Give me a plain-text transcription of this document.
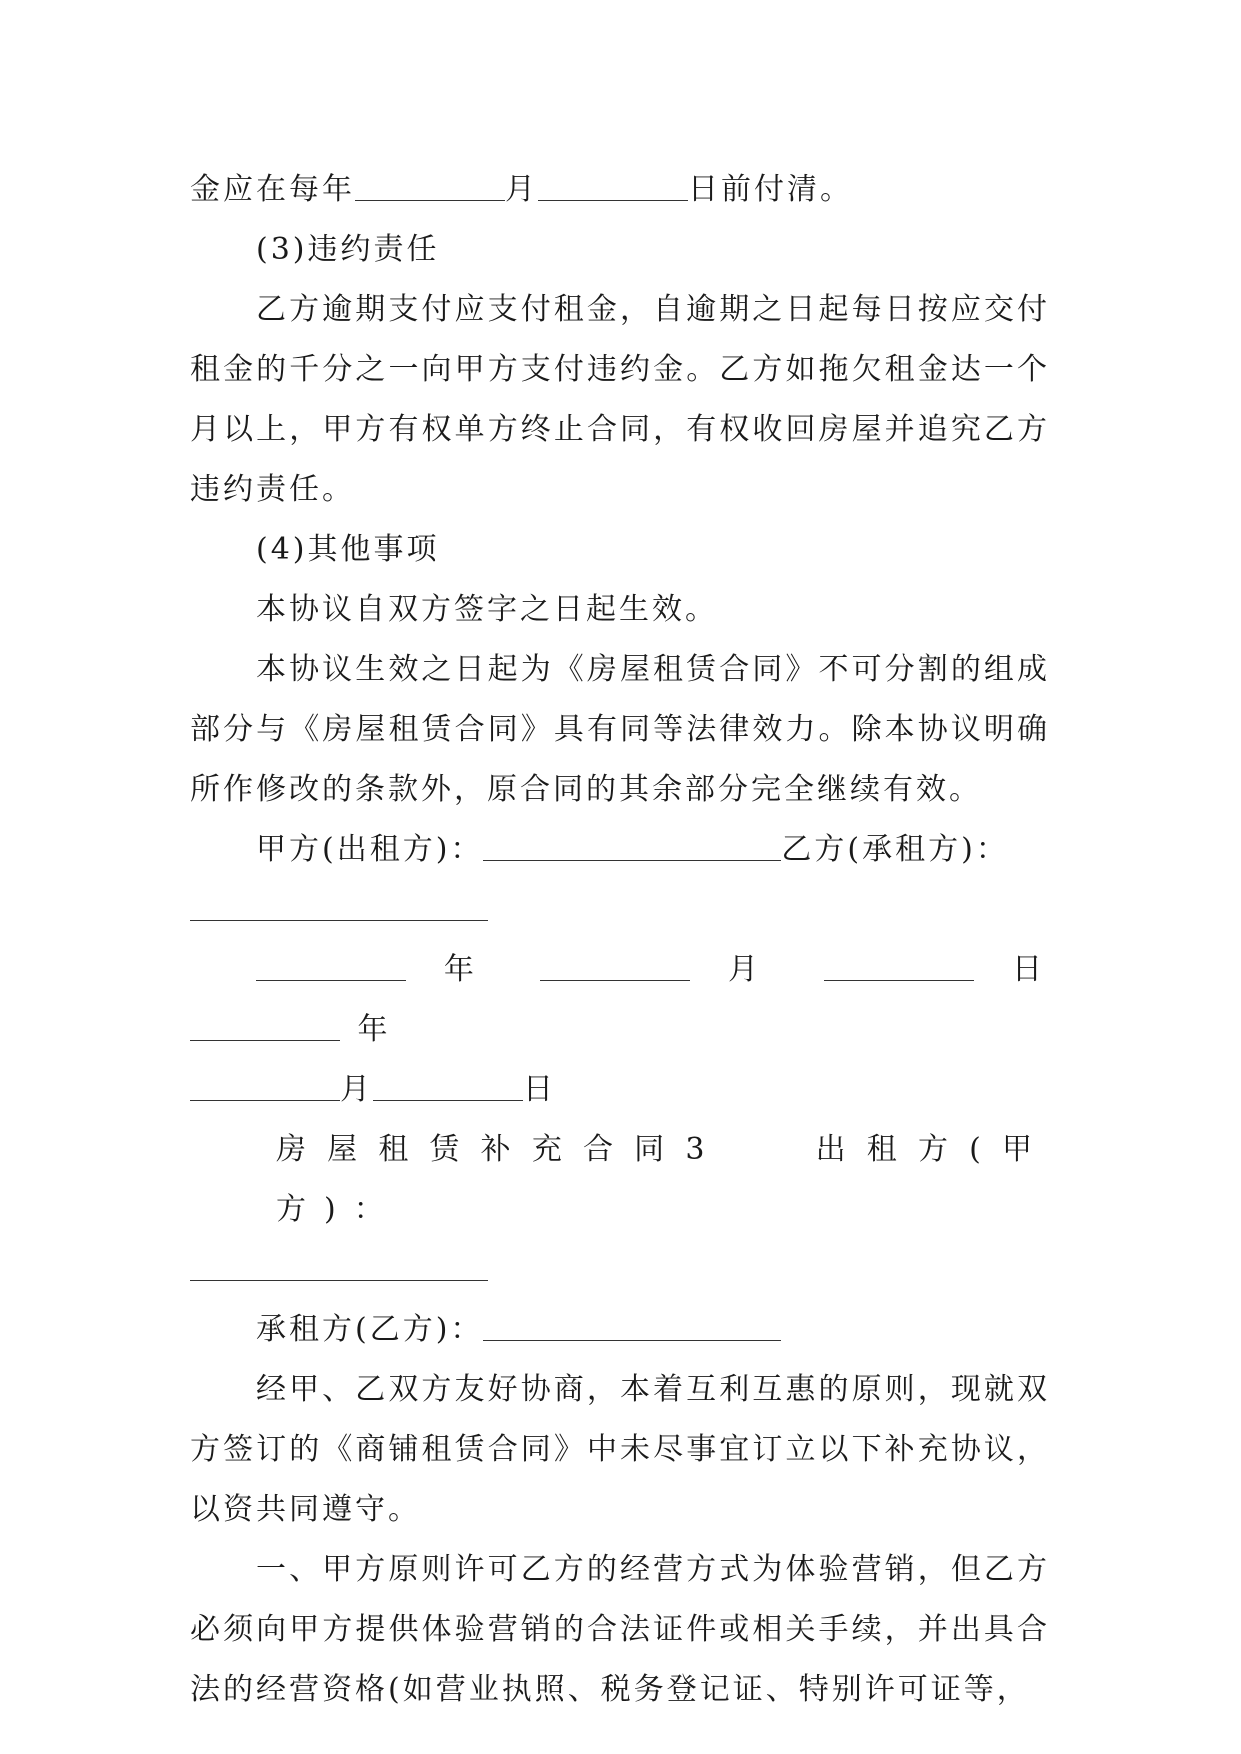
金应在每年	月	日前付清。

(3)违约责任

乙方逾期支付应支付租金，自逾期之日起每日按应交付租金的千分之一向甲方支付违约金。乙方如拖欠租金达一个月以上，甲方有权单方终止合同，有权收回房屋并追究乙方违约责任。

(4)其他事项

本协议自双方签字之日起生效。

本协议生效之日起为《房屋租赁合同》不可分割的组成部分与《房屋租赁合同》具有同等法律效力。除本协议明确所作修改的条款外，原合同的其余部分完全继续有效。

甲方(出租方)：	乙方(承租方)：

年	月	日  年

月	日

房屋租赁补充合同3	出租方(甲方)：

承租方(乙方)：

经甲、乙双方友好协商，本着互利互惠的原则，现就双方签订的《商铺租赁合同》中未尽事宜订立以下补充协议，以资共同遵守。

一、甲方原则许可乙方的经营方式为体验营销，但乙方必须向甲方提供体验营销的合法证件或相关手续，并出具合法的经营资格(如营业执照、税务登记证、特别许可证等，
